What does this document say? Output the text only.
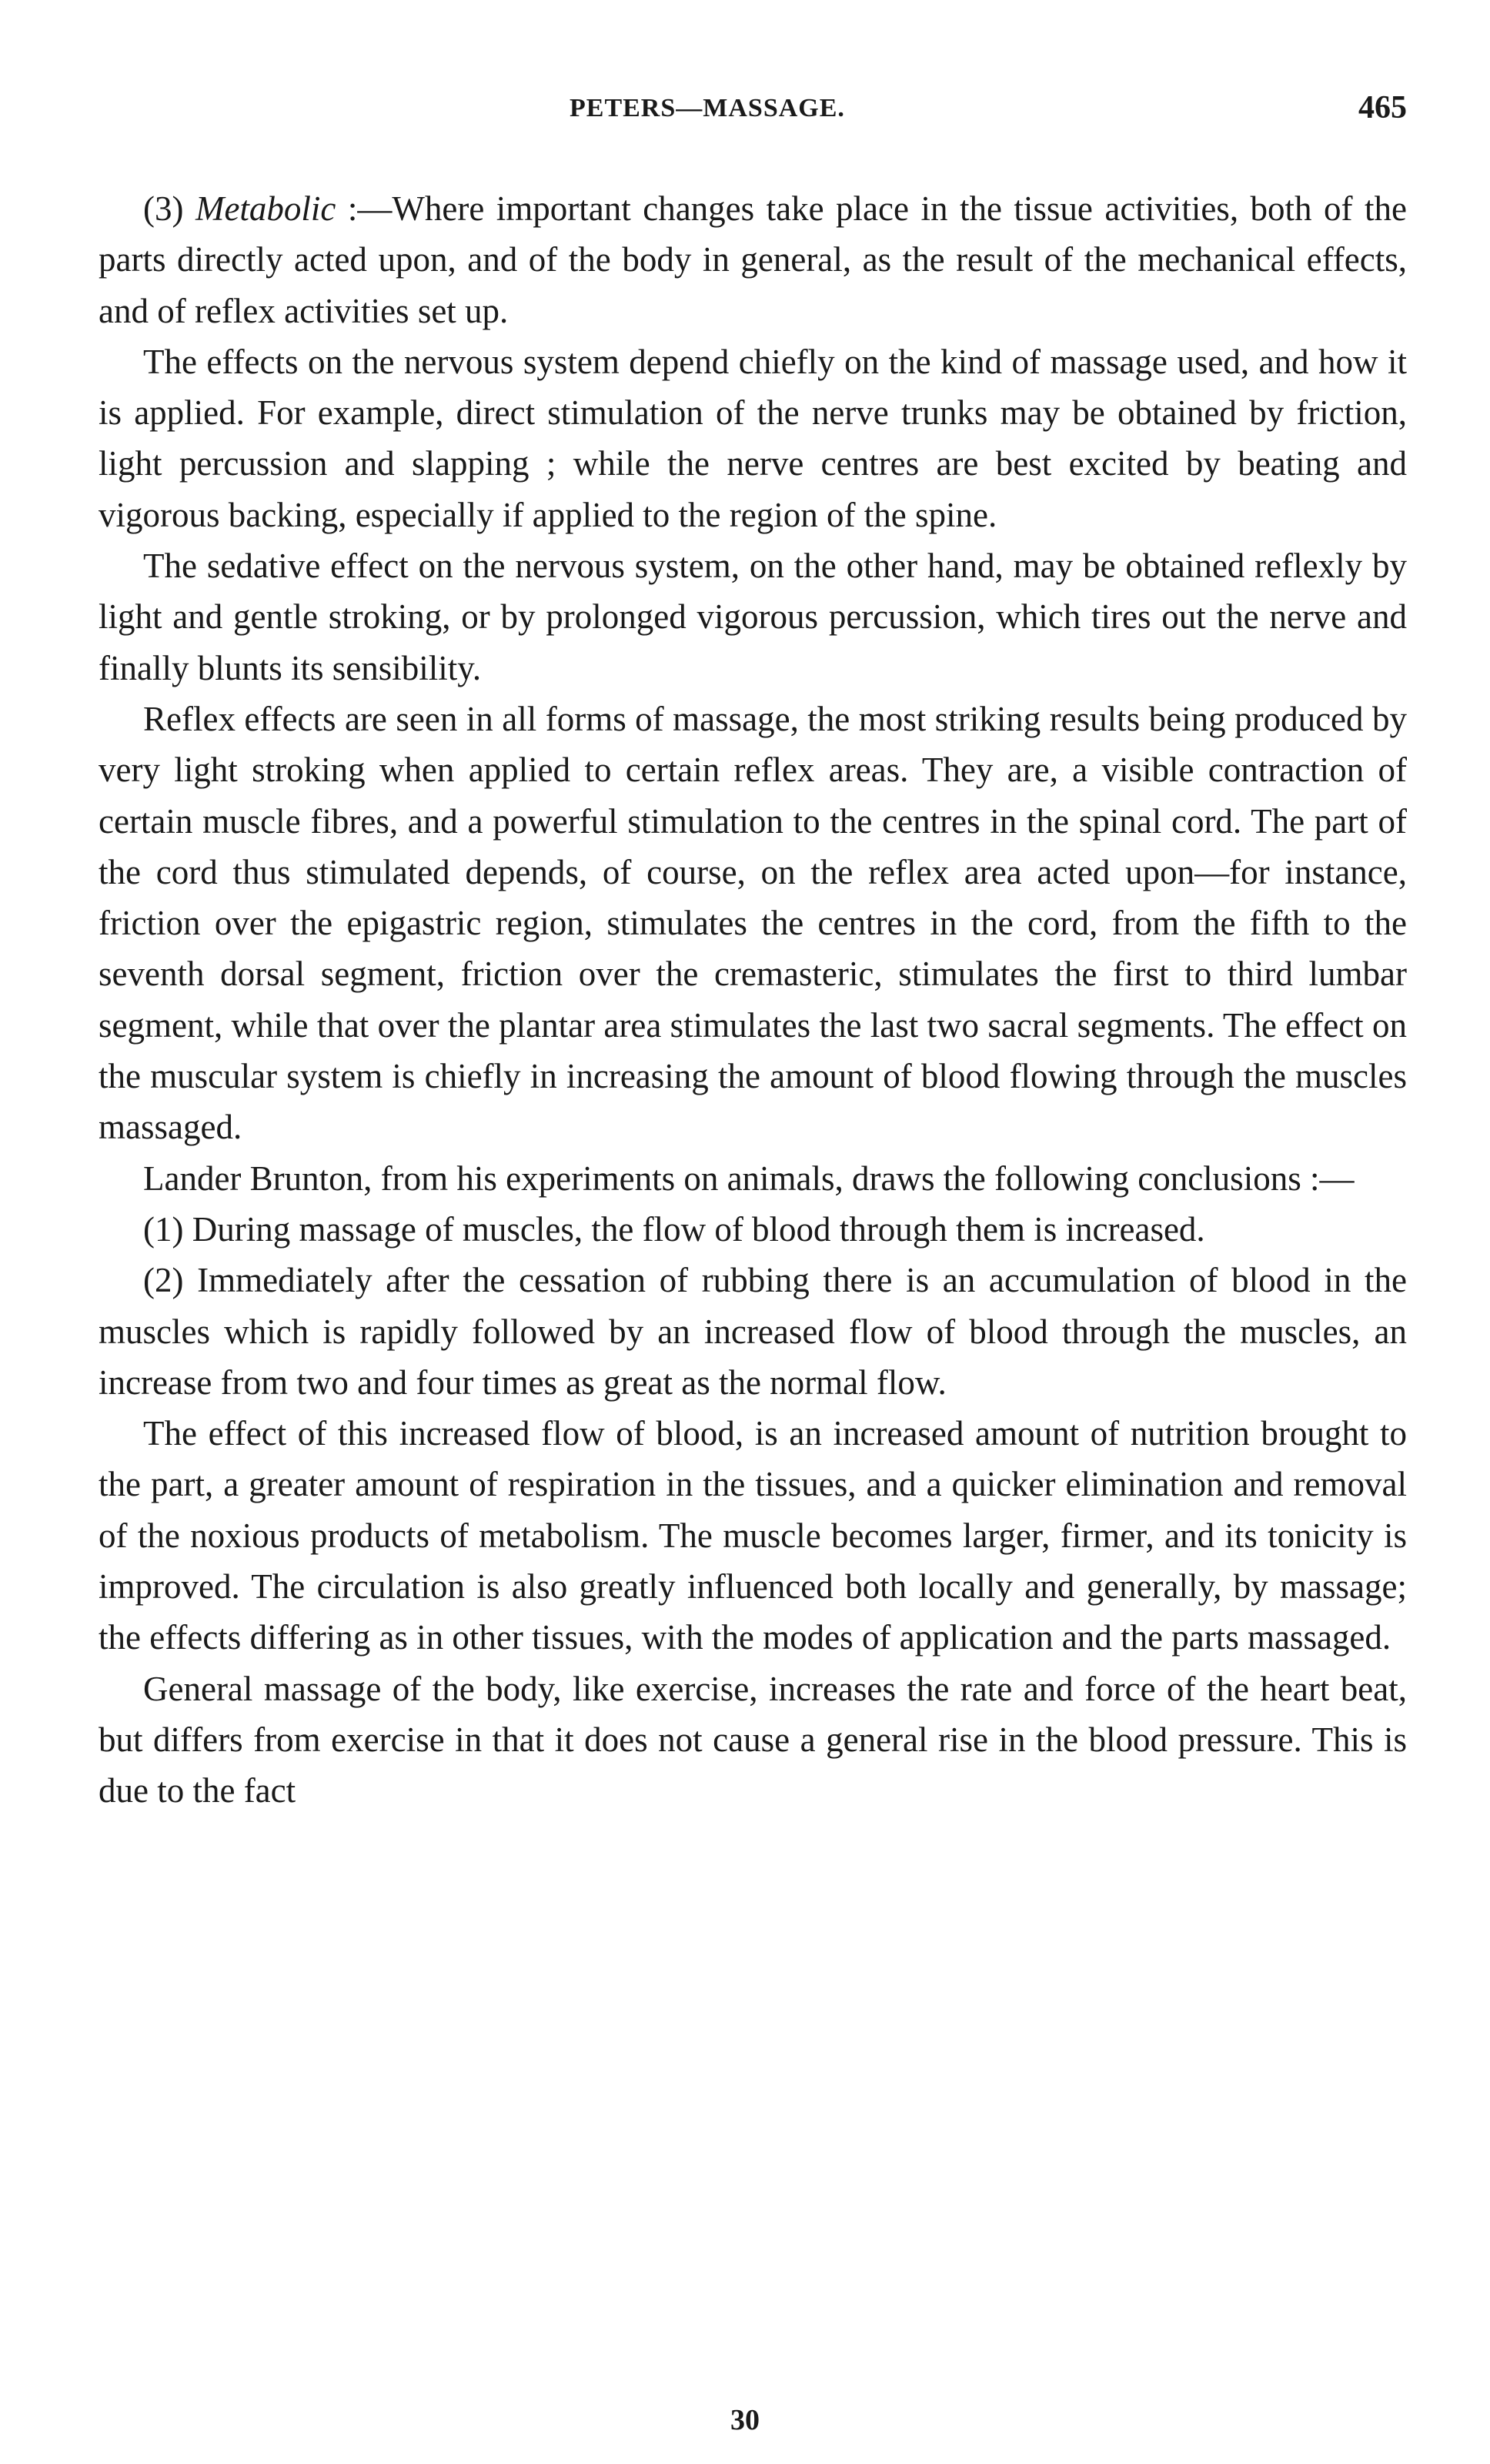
PETERS—MASSAGE.	465

(3) Metabolic :—Where important changes take place in the tissue activities, both of the parts directly acted upon, and of the body in general, as the result of the mechanical effects, and of reflex activities set up.

The effects on the nervous system depend chiefly on the kind of massage used, and how it is applied. For example, direct stimulation of the nerve trunks may be obtained by friction, light percussion and slapping ; while the nerve centres are best excited by beating and vigorous backing, especially if applied to the region of the spine.

The sedative effect on the nervous system, on the other hand, may be obtained reflexly by light and gentle stroking, or by prolonged vigorous percussion, which tires out the nerve and finally blunts its sensibility.

Reflex effects are seen in all forms of massage, the most striking results being produced by very light stroking when applied to certain reflex areas. They are, a visible contraction of certain muscle fibres, and a powerful stimulation to the centres in the spinal cord. The part of the cord thus stimulated depends, of course, on the reflex area acted upon—for instance, friction over the epigastric region, stimulates the centres in the cord, from the fifth to the seventh dorsal segment, friction over the cremasteric, stimulates the first to third lumbar segment, while that over the plantar area stimulates the last two sacral segments. The effect on the muscular system is chiefly in increasing the amount of blood flowing through the muscles massaged.

Lander Brunton, from his experiments on animals, draws the following conclusions :—

(1) During massage of muscles, the flow of blood through them is increased.

(2) Immediately after the cessation of rubbing there is an accumulation of blood in the muscles which is rapidly followed by an increased flow of blood through the muscles, an increase from two and four times as great as the normal flow.

The effect of this increased flow of blood, is an increased amount of nutrition brought to the part, a greater amount of respiration in the tissues, and a quicker elimination and removal of the noxious products of metabolism. The muscle becomes larger, firmer, and its tonicity is improved. The circulation is also greatly influenced both locally and generally, by massage; the effects differing as in other tissues, with the modes of application and the parts massaged.

General massage of the body, like exercise, increases the rate and force of the heart beat, but differs from exercise in that it does not cause a general rise in the blood pressure. This is due to the fact

30
